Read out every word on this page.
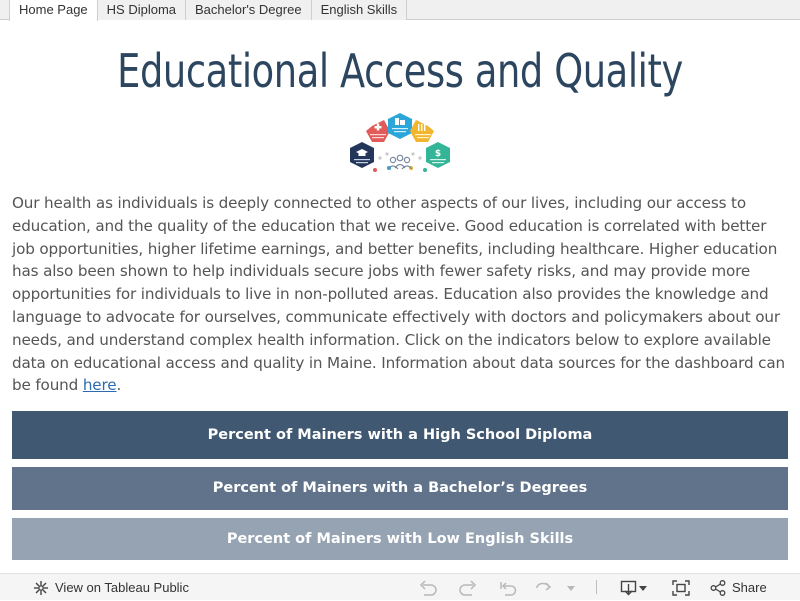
Home Page	HS Diploma	Bachelor's Degree	English Skills
Educational Access and Quality
$

Our health as individuals is deeply connected to other aspects of our lives, including our access to education, and the quality of the education that we receive. Good education is correlated with better job opportunities, higher lifetime earnings, and better benefits, including healthcare. Higher education has also been shown to help individuals secure jobs with fewer safety risks, and may provide more opportunities for individuals to live in non-polluted areas. Education also provides the knowledge and language to advocate for ourselves, communicate effectively with doctors and policymakers about our needs, and understand complex health information. Click on the indicators below to explore available data on educational access and quality in Maine. Information about data sources for the dashboard can be found here.

Percent of Mainers with a High School Diploma
Percent of Mainers with a Bachelor’s Degrees
Percent of Mainers with Low English Skills
View on Tableau Public	Share
